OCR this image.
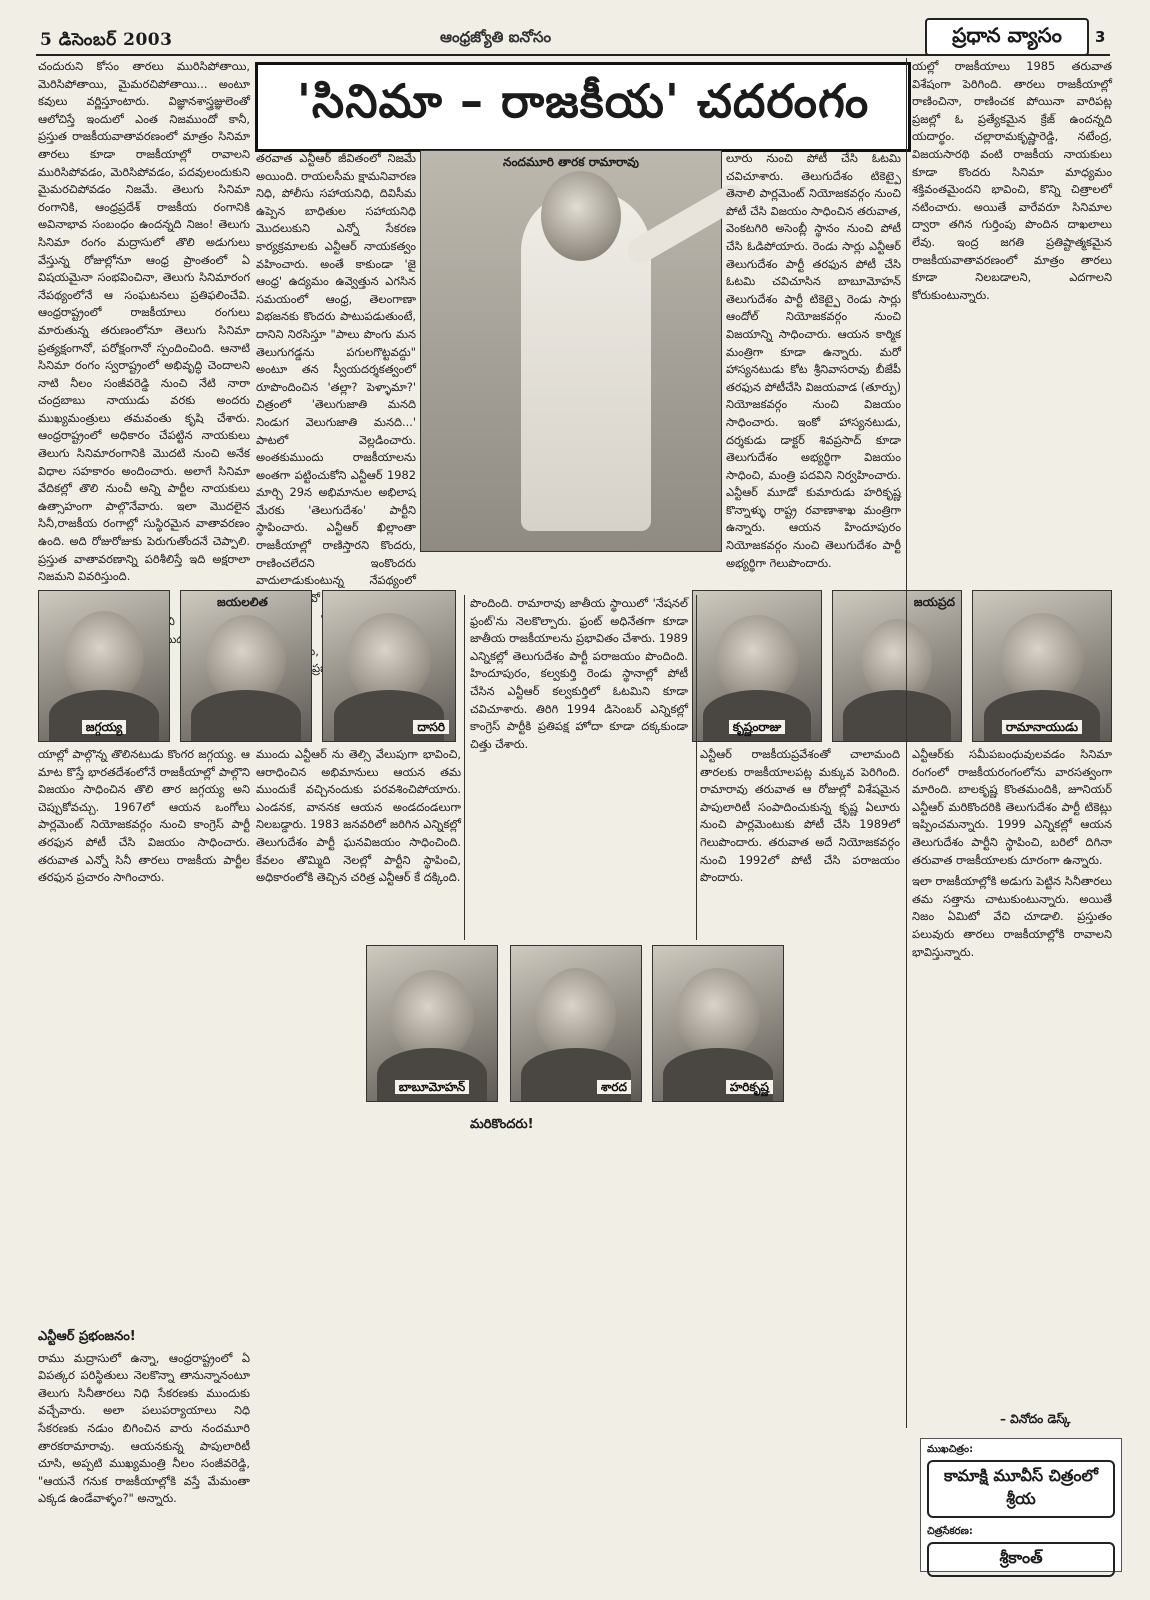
5 డిసెంబర్ 2003	ఆంధ్రజ్యోతి ఐనోసం	ప్రధాన వ్యాసం	3

చందురుని కోసం తారలు మురిసిపోతాయి, మెరిసిపోతాయి, మైమరచిపోతాయి... అంటూ కవులు వర్ణిస్తూంటారు. విజ్ఞానశాస్త్రజ్ఞులెంతో ఆలోచిస్తే ఇందులో ఎంత నిజముందో కానీ, ప్రస్తుత రాజకీయవాతావరణంలో మాత్రం సినిమా తారలు కూడా రాజకీయాల్లో రావాలని మురిసిపోవడం, మెరిసిపోవడం, పదవులందుకుని మైమరచిపోవడం నిజమే. తెలుగు సినిమా రంగానికి, ఆంధ్రప్రదేశ్ రాజకీయ రంగానికి అవినాభావ సంబంధం ఉందన్నది నిజం! తెలుగు సినిమా రంగం మద్రాసులో తొలి అడుగులు వేస్తున్న రోజుల్లోనూ ఆంధ్ర ప్రాంతంలో ఏ విషయమైనా సంభవించినా, తెలుగు సినిమారంగ నేపథ్యంలోనే ఆ సంఘటనలు ప్రతిఫలించేవి. ఆంధ్రరాష్ట్రంలో రాజకీయాలు రంగులు మారుతున్న తరుణంలోనూ తెలుగు సినిమా ప్రత్యక్షంగానో, పరోక్షంగానో స్పందించింది. ఆనాటి సినిమా రంగం స్వరాష్ట్రంలో అభివృద్ధి చెందాలని నాటి నీలం సంజీవరెడ్డి నుంచి నేటి నారా చంద్రబాబు నాయుడు వరకు అందరు ముఖ్యమంత్రులు తమవంతు కృషి చేశారు. ఆంధ్రరాష్ట్రంలో అధికారం చేపట్టిన నాయకులు తెలుగు సినిమారంగానికి మొదటి నుంచి అనేక విధాల సహకారం అందించారు. అలాగే సినిమా వేదికల్లో తొలి నుంచీ అన్ని పార్టీల నాయకులు ఉత్సాహంగా పాల్గొనేవారు. ఇలా మొదలైన సినీ,రాజకీయ రంగాల్లో సుస్థిరమైన వాతావరణం ఉంది. అది రోజురోజుకు పెరుగుతోందనే చెప్పాలి. ప్రస్తుత వాతావరణాన్ని పరిశీలిస్తే ఇది అక్షరాలా నిజమని వివరిస్తుంది.

నటుడు...

'సినిమా – రాజకీయ' చదరంగం

తరవాత ఎన్టీఆర్ జీవితంలో నిజమే అయింది. రాయలసీమ క్షామనివారణ నిధి, పోలీసు సహాయనిధి, దివిసీమ ఉప్పెన బాధితుల సహాయనిధి మొదలుకుని ఎన్నో సేకరణ కార్యక్రమాలకు ఎన్టీఆర్ నాయకత్వం వహించారు. అంతే కాకుండా 'జై ఆంధ్ర' ఉద్యమం ఉవ్వెత్తున ఎగసిన సమయంలో ఆంధ్ర, తెలంగాణా విభజనకు కొందరు పాటుపడుతుంటే, దానిని నిరసిస్తూ "పాలు పొంగు మన తెలుగుగడ్డను పగులగొట్టవద్దు" అంటూ తన స్వీయదర్శకత్వంలో రూపొందించిన 'తల్లా? పెళ్ళామా?' చిత్రంలో 'తెలుగుజాతి మనది నిండుగ వెలుగుజాతి మనది...' పాటలో వెల్లడించారు. అంతకుముందు రాజకీయాలను అంతగా పట్టించుకోని ఎన్టీఆర్ 1982 మార్చి 29న అభిమానుల అభిలాష మేరకు 'తెలుగుదేశం' పార్టీని స్థాపించారు. ఎన్టీఆర్ ఖిల్లాంతా రాజకీయాల్లో రాణిస్తారని కొందరు, రాణించలేదని ఇంకొందరు వాదులాడుకుంటున్న నేపథ్యంలో

నందమూరి తారక రామారావు	లూరు నుంచి పోటీ చేసి ఓటమి చవిచూశారు. తెలుగుదేశం టికెట్పై తెనాలి పార్లమెంట్ నియోజకవర్గం నుంచి పోటీ చేసి విజయం సాధించిన తరువాత, వెంకటగిరి అసెంబ్లీ స్థానం నుంచి పోటీ చేసి ఓడిపోయారు. రెండు సార్లు ఎన్టీఆర్ తెలుగుదేశం పార్టీ తరఫున పోటీ చేసి ఓటమి చవిచూసిన బాబూమోహన్ తెలుగుదేశం పార్టీ టికెట్పై రెండు సార్లు ఆందోల్ నియోజకవర్గం నుంచి విజయాన్ని సాధించారు. ఆయన కార్మిక మంత్రిగా కూడా ఉన్నారు. మరో హాస్యనటుడు కోట శ్రీనివాసరావు బీజేపీ తరఫున పోటీచేసి విజయవాడ (తూర్పు) నియోజకవర్గం నుంచి విజయం సాధించారు. ఇంకో హాస్యనటుడు, దర్శకుడు డాక్టర్ శివప్రసాద్ కూడా తెలుగుదేశం అభ్యర్థిగా విజయం సాధించి, మంత్రి పదవిని నిర్వహించారు. ఎన్టీఆర్ మూడో కుమారుడు హరికృష్ణ కొన్నాళ్ళు రాష్ట్ర రవాణాశాఖ మంత్రిగా ఉన్నారు. ఆయన హిందూపురం నియోజకవర్గం నుంచి తెలుగుదేశం పార్టీ అభ్యర్థిగా గెలుపొందారు.

యల్లో రాజకీయాలు 1985 తరువాత విశేషంగా పెరిగింది. తారలు రాజకీయాల్లో రాణించినా, రాణించక పోయినా వారిపట్ల ప్రజల్లో ఓ ప్రత్యేకమైన క్రేజ్ ఉందన్నది యదార్థం. చల్లారామకృష్ణారెడ్డి, నటేంద్ర, విజయసారథి వంటి రాజకీయ నాయకులు కూడా కొందరు సినిమా మాధ్యమం శక్తివంతమైందని భావించి, కొన్ని చిత్రాలలో నటించారు. అయితే వారేవరూ సినిమాల ద్వారా తగిన గుర్తింపు పొందిన దాఖలాలు లేవు. ఇంద్ర జగతి ప్రతిష్టాత్మకమైన రాజకీయవాతావరణంలో మాత్రం తారలు కూడా నిలబడాలని, ఎదగాలని కోరుకుంటున్నారు.

జగ్గయ్య
జయలలిత
దాసరి

పొందింది. రామారావు జాతీయ స్థాయిలో 'నేషనల్ ఫ్రంట్'ను నెలకొల్పారు. ఫ్రంట్ అధినేతగా కూడా జాతీయ రాజకీయాలను ప్రభావితం చేశారు. 1989 ఎన్నికల్లో తెలుగుదేశం పార్టీ పరాజయం పొందింది. హిందూపురం, కల్వకుర్తి రెండు స్థానాల్లో పోటీ చేసిన ఎన్టీఆర్ కల్వకుర్తిలో ఓటమిని కూడా చవిచూశారు. తిరిగి 1994 డిసెంబర్ ఎన్నికల్లో కాంగ్రెస్ పార్టీకి ప్రతిపక్ష హోదా కూడా దక్కకుండా చిత్తు చేశారు.

కృష్ణంరాజు
జయప్రద
రామానాయుడు

యాల్లో పాల్గొన్న తొలినటుడు కొంగర జగ్గయ్య. ఆ మాట కొస్తే భారతదేశంలోనే రాజకీయాల్లో పాల్గొని విజయం సాధించిన తొలి తార జగ్గయ్య అని చెప్పుకోవచ్చు. 1967లో ఆయన ఒంగోలు పార్లమెంట్ నియోజకవర్గం నుంచి కాంగ్రెస్ పార్టీ తరఫున పోటీ చేసి విజయం సాధించారు. తరువాత ఎన్నో సినీ తారలు రాజకీయ పార్టీల తరఫున ప్రచారం సాగించారు.

ముందు ఎన్టీఆర్ ను తెల్సి వేలుపుగా భావించి, ఆరాధించిన అభిమానులు ఆయన తమ ముందుకే వచ్చినందుకు పరవశించిపోయారు. ఎండనక, వాననక ఆయన అండదండలుగా నిలబడ్డారు. 1983 జనవరిలో జరిగిన ఎన్నికల్లో తెలుగుదేశం పార్టీ ఘనవిజయం సాధించింది. కేవలం తొమ్మిది నెలల్లో పార్టీని స్థాపించి, అధికారంలోకి తెచ్చిన చరిత్ర ఎన్టీఆర్ కే దక్కింది.

ఎన్టీఆర్ రాజకీయప్రవేశంతో చాలామంది తారలకు రాజకీయాలపట్ల మక్కువ పెరిగింది. రామారావు తరువాత ఆ రోజుల్లో విశేషమైన పాపులారిటీ సంపాదించుకున్న కృష్ణ ఏలూరు నుంచి పార్లమెంటుకు పోటీ చేసి 1989లో గెలుపొందారు. తరువాత అదే నియోజకవర్గం నుంచి 1992లో పోటీ చేసి పరాజయం పొందారు.

ఎన్టీఆర్‌కు సమీపబంధువులవడం సినిమా రంగంలో రాజకీయరంగంలోను వారసత్వంగా మారింది. బాలకృష్ణ కొంతమందికి, జూనియర్ ఎన్టీఆర్ మరికొందరికి తెలుగుదేశం పార్టీ టికెట్లు ఇప్పించమన్నారు. 1999 ఎన్నికల్లో ఆయన తెలుగుదేశం పార్టీని స్థాపించి, బరిలో దిగినా తరువాత రాజకీయాలకు దూరంగా ఉన్నారు.

ఇలా రాజకీయాల్లోకి అడుగు పెట్టిన సినీతారలు తమ సత్తాను చాటుకుంటున్నారు. అయితే నిజం ఏమిటో వేచి చూడాలి. ప్రస్తుతం పలువురు తారలు రాజకీయాల్లోకి రావాలని భావిస్తున్నారు.

బాబూమోహన్	శారద	హరికృష్ణ
ఎన్టీఆర్ ప్రభంజనం!

రాము మద్రాసులో ఉన్నా, ఆంధ్రరాష్ట్రంలో ఏ విపత్కర పరిస్థితులు నెలకొన్నా తానున్నానంటూ తెలుగు సినీతారలు నిధి సేకరణకు ముందుకు వచ్చేవారు. అలా పలుపర్యాయాలు నిధి సేకరణకు నడుం బిగించిన వారు నందమూరి తారకరామారావు. ఆయనకున్న పాపులారిటీ చూసి, అప్పటి ముఖ్యమంత్రి నీలం సంజీవరెడ్డి, "ఆయనే గనుక రాజకీయాల్లోకి వస్తే మేమంతా ఎక్కడ ఉండేవాళ్ళం?" అన్నారు.

మరికొందరు!
– వినోదం డెస్క్
ముఖచిత్రం:
కామాక్షి మూవీస్ చిత్రంలో శ్రీయ
చిత్రసేకరణ:
శ్రీకాంత్
